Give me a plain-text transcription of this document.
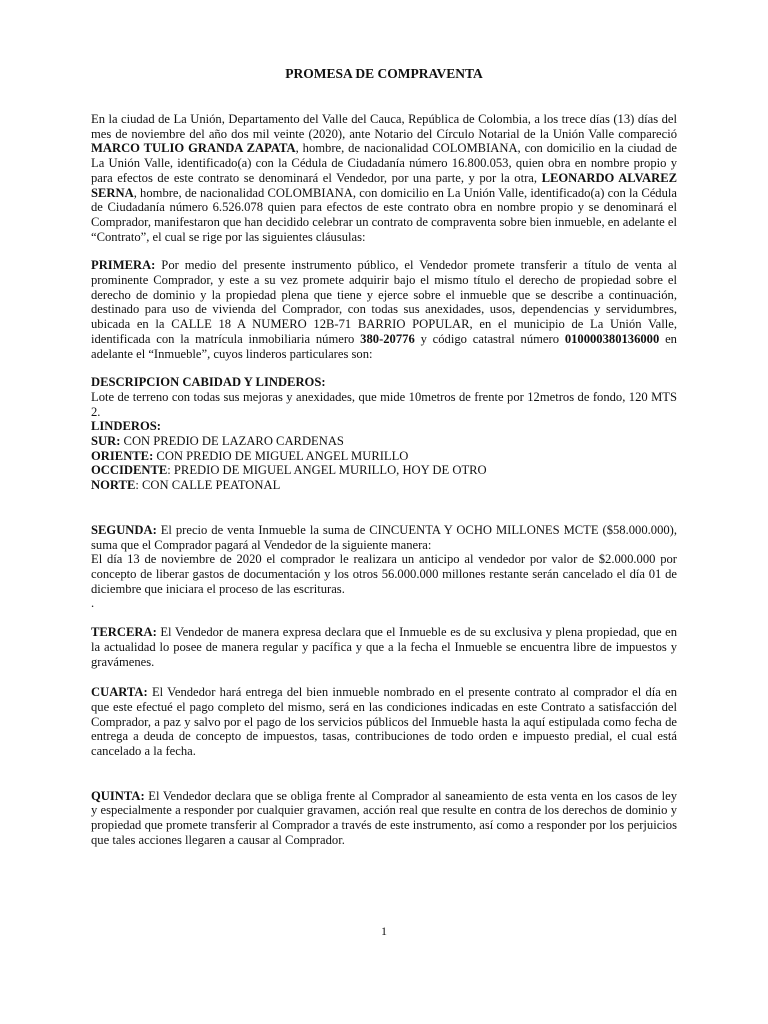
PROMESA DE COMPRAVENTA

En la ciudad de La Unión, Departamento del Valle del Cauca, República de Colombia, a los trece días (13) días del mes de noviembre del año dos mil veinte (2020), ante Notario del Círculo Notarial de la Unión Valle compareció MARCO TULIO GRANDA ZAPATA, hombre, de nacionalidad COLOMBIANA, con domicilio en la ciudad de La Unión Valle, identificado(a) con la Cédula de Ciudadanía número 16.800.053, quien obra en nombre propio y para efectos de este contrato se denominará el Vendedor, por una parte, y por la otra, LEONARDO ALVAREZ SERNA, hombre, de nacionalidad COLOMBIANA, con domicilio en La Unión Valle, identificado(a) con la Cédula de Ciudadanía número 6.526.078 quien para efectos de este contrato obra en nombre propio y se denominará el Comprador, manifestaron que han decidido celebrar un contrato de compraventa sobre bien inmueble, en adelante el “Contrato”, el cual se rige por las siguientes cláusulas:

PRIMERA: Por medio del presente instrumento público, el Vendedor promete transferir a título de venta al prominente Comprador, y este a su vez promete adquirir bajo el mismo título el derecho de propiedad sobre el derecho de dominio y la propiedad plena que tiene y ejerce sobre el inmueble que se describe a continuación, destinado para uso de vivienda del Comprador, con todas sus anexidades, usos, dependencias y servidumbres, ubicada en la CALLE 18 A NUMERO 12B-71 BARRIO POPULAR, en el municipio de La Unión Valle, identificada con la matrícula inmobiliaria número 380-20776 y código catastral número 010000380136000 en adelante el “Inmueble”, cuyos linderos particulares son:

DESCRIPCION CABIDAD Y LINDEROS:

Lote de terreno con todas sus mejoras y anexidades, que mide 10metros de frente por 12metros de fondo, 120 MTS 2.

LINDEROS:

SUR: CON PREDIO DE LAZARO CARDENAS

ORIENTE: CON PREDIO DE MIGUEL ANGEL MURILLO

OCCIDENTE: PREDIO DE MIGUEL ANGEL MURILLO, HOY DE OTRO

NORTE: CON CALLE PEATONAL

SEGUNDA: El precio de venta Inmueble la suma de CINCUENTA Y OCHO MILLONES MCTE ($58.000.000), suma que el Comprador pagará al Vendedor de la siguiente manera:

El día 13 de noviembre de 2020 el comprador le realizara un anticipo al vendedor por valor de $2.000.000 por concepto de liberar gastos de documentación y los otros 56.000.000 millones restante serán cancelado el día 01 de diciembre que iniciara el proceso de las escrituras.

.

TERCERA: El Vendedor de manera expresa declara que el Inmueble es de su exclusiva y plena propiedad, que en la actualidad lo posee de manera regular y pacífica y que a la fecha el Inmueble se encuentra libre de impuestos y gravámenes.

CUARTA: El Vendedor hará entrega del bien inmueble nombrado en el presente contrato al comprador el día en que este efectué el pago completo del mismo, será en las condiciones indicadas en este Contrato a satisfacción del Comprador, a paz y salvo por el pago de los servicios públicos del Inmueble hasta la aquí estipulada como fecha de entrega a deuda de concepto de impuestos, tasas, contribuciones de todo orden e impuesto predial, el cual está cancelado a la fecha.

QUINTA: El Vendedor declara que se obliga frente al Comprador al saneamiento de esta venta en los casos de ley y especialmente a responder por cualquier gravamen, acción real que resulte en contra de los derechos de dominio y propiedad que promete transferir al Comprador a través de este instrumento, así como a responder por los perjuicios que tales acciones llegaren a causar al Comprador.

1
